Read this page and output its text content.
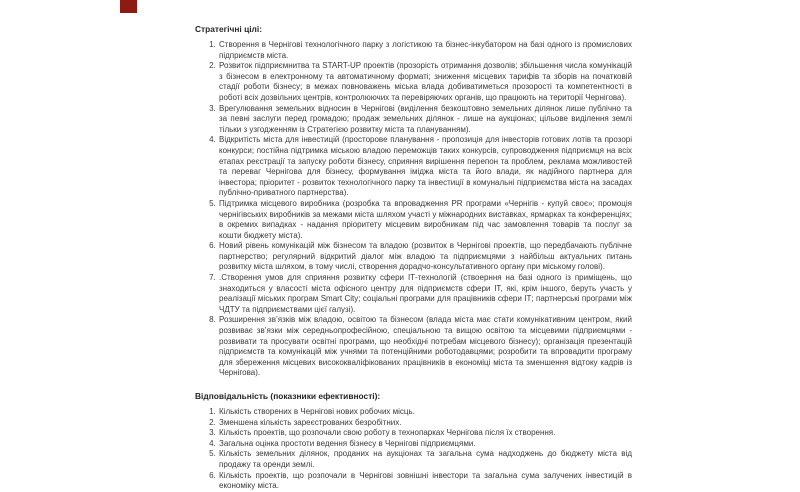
Стратегічні цілі:
1. Створення в Чернігові технологічного парку з логістикою та бізнес-інкубатором на базі одного із промислових підприємств міста.
2. Розвиток підприємнитва та START-UP проектів (прозорість отримання дозволів; збільшення числа комунікацій з бізнесом в електронному та автоматичному форматі; зниження місцевих тарифів та зборів на початковій стадії роботи бізнесу; в межах повноважень міська влада добиватиметься прозорості та компетентності в роботі всіх дозвільних центрів, контролюючих та перевіряючих органів, що працюють на території Чернігова).
3. Врегулювання земельних відносин в Чернігові (виділення безкоштовно земельних ділянок лише публічно та за певні заслуги перед громадою; продаж земельних ділянок - лише на аукціонах; цільове виділення землі тільки з узгодженням із Стратегією розвитку міста та плануванням).
4. Відкритість міста для інвестицій (просторове планування - пропозиція для інвесторів готових лотів та прозорі конкурси; постійна підтримка міською владою переможців таких конкурсів, супроводження підприємця на всіх етапах реєстрації та запуску роботи бізнесу, сприяння вирішення перепон та проблем, реклама можливостей та переваг Чернігова для бізнесу, формування іміджа міста та його влади, як надійного партнера для інвестора; пріоритет - розвиток технологічного парку та інвестиції в комунальні підприємства міста на засадах публічно-приватного партнерства).
5. Підтримка місцевого виробника (розробка та впровадження PR програми «Чернігів - купуй своє»; промоція чернігівських виробників за межами міста шляхом участі у міжнародних виставках, ярмарках та конференціях; в окремих випадках - надання пріоритету місцевим виробникам під час замовлення товарів та послуг за кошти бюджету міста).
6. Новий рівень комунікацій між бізнесом та владою (розвиток в Чернігові проектів, що передбачають публічне партнерство; регулярний відкритий діалог між владою та підприємцями з найбільш актуальних питань розвитку міста шляхом, в тому числі, створення дорадчо-консультативного органу при міському голові).
7. .Створення умов для сприяння розвитку сфери ІТ-технологій (ствоерння на базі одного із приміщень, що знаходиться у власості міста офісного центру для підприємств сфери ІТ, які, крім іншого, беруть участь у реалізації міських програм Smart City; соціальні програми для працівників сфери ІТ; партнерські програми між ЧДТУ та підприємствами цієї галузі).
8. Розширення зв’язків між владою, освітою та бізнесом (влада міста має стати комунікативним центром, який розвиває зв’язки між середньопрофесійною, спеціальною та вищою освітою та місцевими підприємцями - розвивати та просувати освітні програми, що необхідні потребам місцевого бізнесу); організація презентацій підприємств та комунікацій між учнями та потенційними роботодавцями; розробити та впровадити програму для збереження місцевих висококваліфікованих працівників в економіці міста та зменшення відтоку кадрів із Чернігова).
Відповідальність (показники ефективності):
1. Кількість створених в Чернігові нових робочих місць.
2. Зменшена кількість зареєстрованих безробітних.
3. Кількість проектів, що розпочали свою роботу в технопарках Чернігова після їх створення.
4. Загальна оцінка простоти ведення бізнесу в Чернігові підприємцями.
5. Кількість земельних ділянок, проданих на аукціонах та загальна сума надходжень до бюджету міста від продажу та оренди землі.
6. Кількість проектів, що розпочали в Чернігові зовнішні інвестори та загальна сума залучених інвестицій в економіку міста.
